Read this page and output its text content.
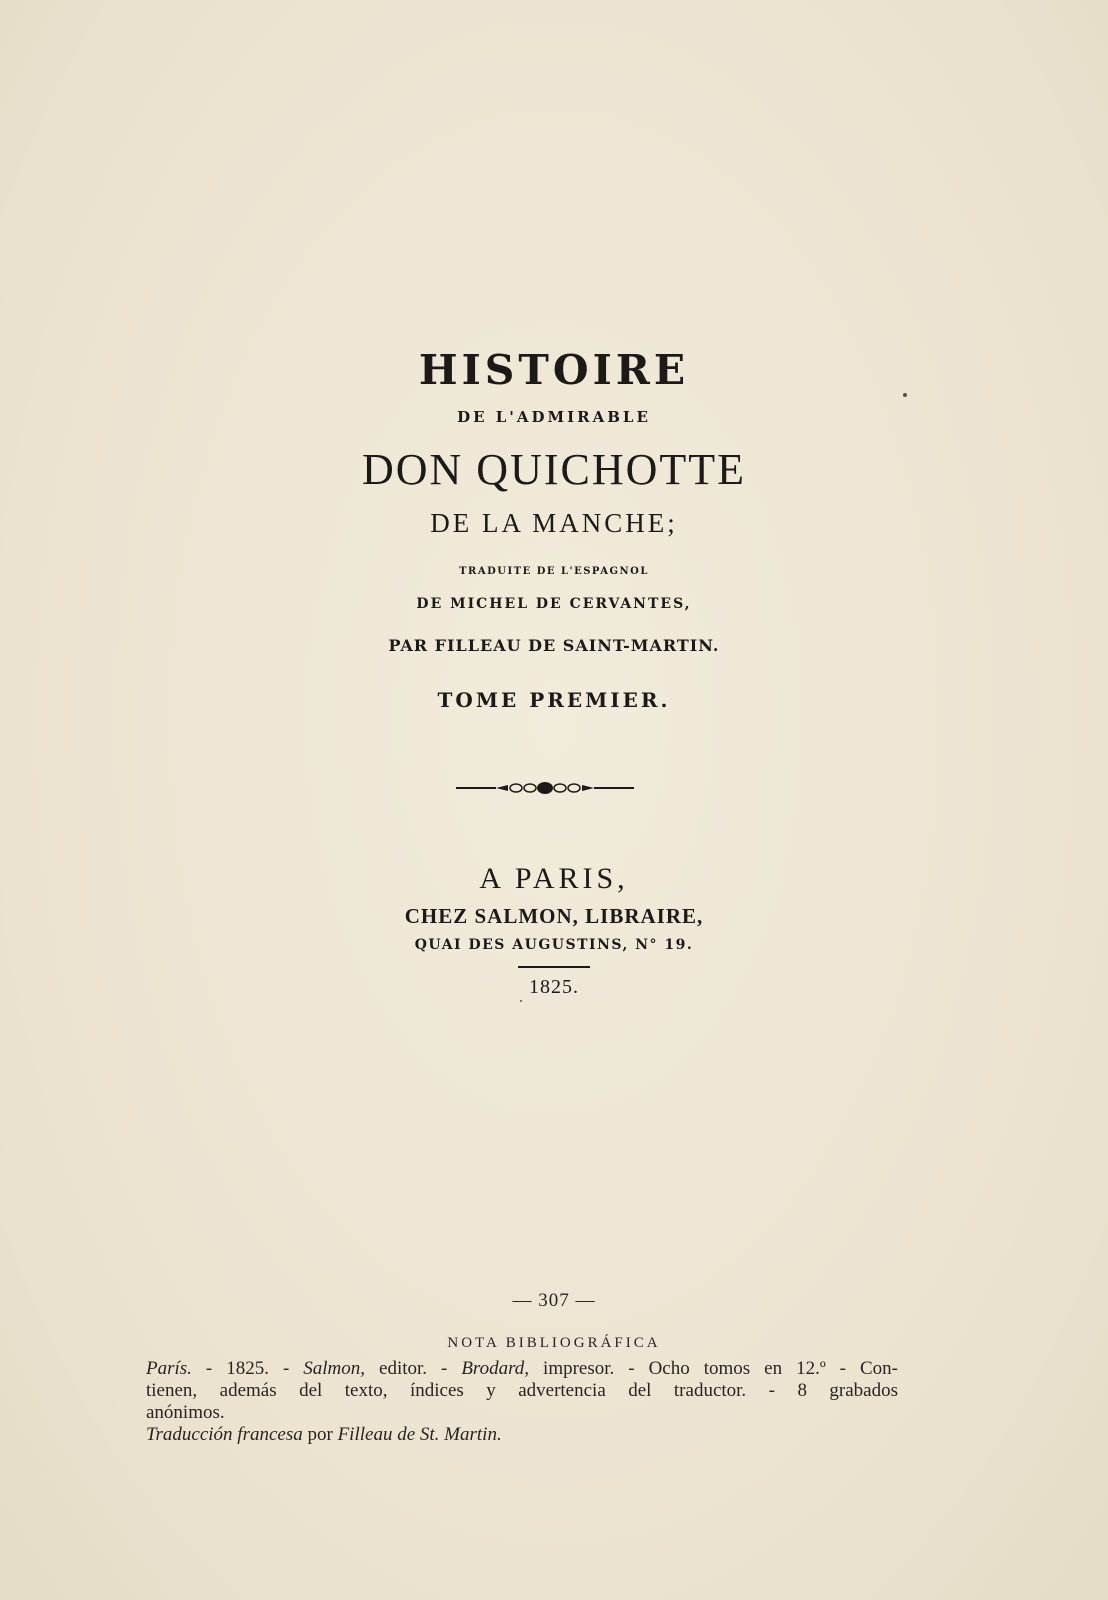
HISTOIRE
DE L'ADMIRABLE
DON QUICHOTTE
DE LA MANCHE;
TRADUITE DE L'ESPAGNOL
DE MICHEL DE CERVANTES,
PAR FILLEAU DE SAINT-MARTIN.
TOME PREMIER.
A PARIS,
CHEZ SALMON, LIBRAIRE,
QUAI DES AUGUSTINS, N° 19.
1825.
— 307 —
NOTA BIBLIOGRÁFICA
París. - 1825. - Salmon, editor. - Brodard, impresor. - Ocho tomos en 12.º - Con-
tienen, además del texto, índices y advertencia del traductor. - 8 grabados
anónimos.
Traducción francesa por Filleau de St. Martin.
